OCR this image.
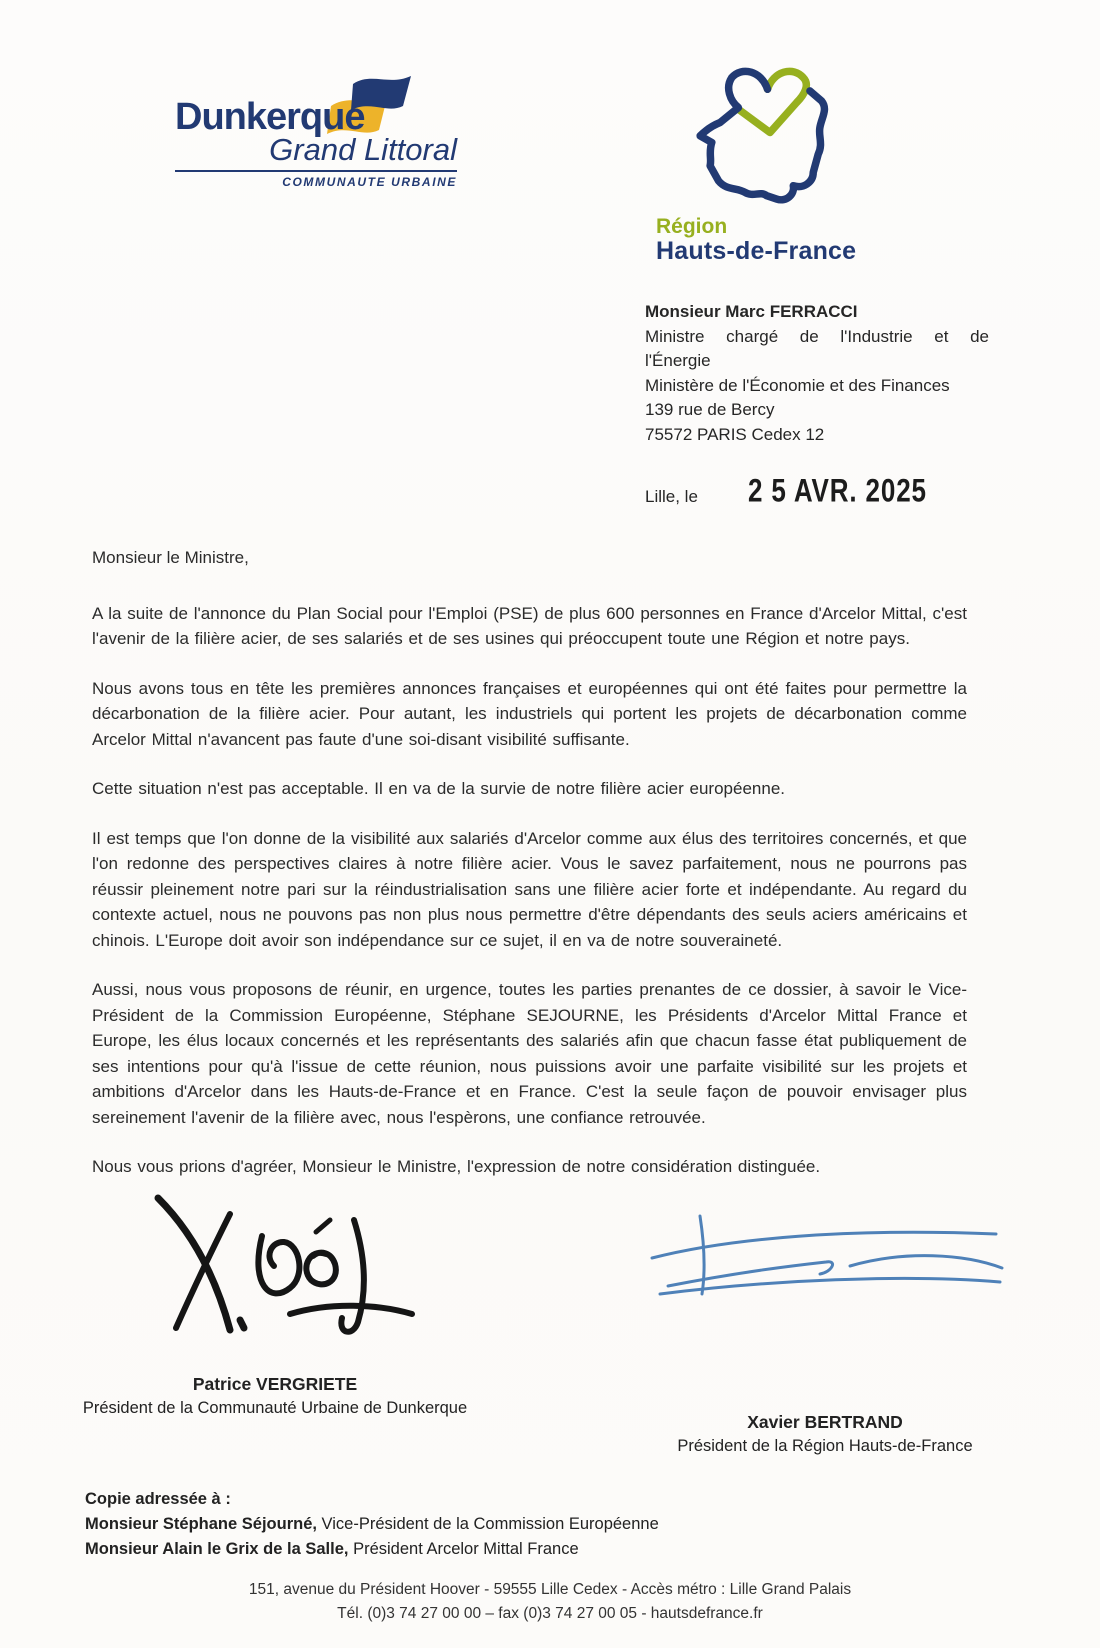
Dunkerque
Grand Littoral
COMMUNAUTE URBAINE
Région
Hauts-de-France
Monsieur Marc FERRACCI
Ministre chargé de l'Industrie et de
l'Énergie
Ministère de l'Économie et des Finances
139 rue de Bercy
75572 PARIS Cedex 12
Lille, le 2 5 AVR. 2025
Monsieur le Ministre,

A la suite de l'annonce du Plan Social pour l'Emploi (PSE) de plus 600 personnes en France d'Arcelor Mittal, c'est l'avenir de la filière acier, de ses salariés et de ses usines qui préoccupent toute une Région et notre pays.

Nous avons tous en tête les premières annonces françaises et européennes qui ont été faites pour permettre la décarbonation de la filière acier. Pour autant, les industriels qui portent les projets de décarbonation comme Arcelor Mittal n'avancent pas faute d'une soi-disant visibilité suffisante.

Cette situation n'est pas acceptable. Il en va de la survie de notre filière acier européenne.

Il est temps que l'on donne de la visibilité aux salariés d'Arcelor comme aux élus des territoires concernés, et que l'on redonne des perspectives claires à notre filière acier. Vous le savez parfaitement, nous ne pourrons pas réussir pleinement notre pari sur la réindustrialisation sans une filière acier forte et indépendante. Au regard du contexte actuel, nous ne pouvons pas non plus nous permettre d'être dépendants des seuls aciers américains et chinois. L'Europe doit avoir son indépendance sur ce sujet, il en va de notre souveraineté.

Aussi, nous vous proposons de réunir, en urgence, toutes les parties prenantes de ce dossier, à savoir le Vice-Président de la Commission Européenne, Stéphane SEJOURNE, les Présidents d'Arcelor Mittal France et Europe, les élus locaux concernés et les représentants des salariés afin que chacun fasse état publiquement de ses intentions pour qu'à l'issue de cette réunion, nous puissions avoir une parfaite visibilité sur les projets et ambitions d'Arcelor dans les Hauts-de-France et en France. C'est la seule façon de pouvoir envisager plus sereinement l'avenir de la filière avec, nous l'espèrons, une confiance retrouvée.

Nous vous prions d'agréer, Monsieur le Ministre, l'expression de notre considération distinguée.

Patrice VERGRIETE
Président de la Communauté Urbaine de Dunkerque
Xavier BERTRAND
Président de la Région Hauts-de-France
Copie adressée à :
Monsieur Stéphane Séjourné, Vice-Président de la Commission Européenne
Monsieur Alain le Grix de la Salle, Président Arcelor Mittal France
151, avenue du Président Hoover - 59555 Lille Cedex - Accès métro : Lille Grand Palais
Tél. (0)3 74 27 00 00 – fax (0)3 74 27 00 05 - hautsdefrance.fr
